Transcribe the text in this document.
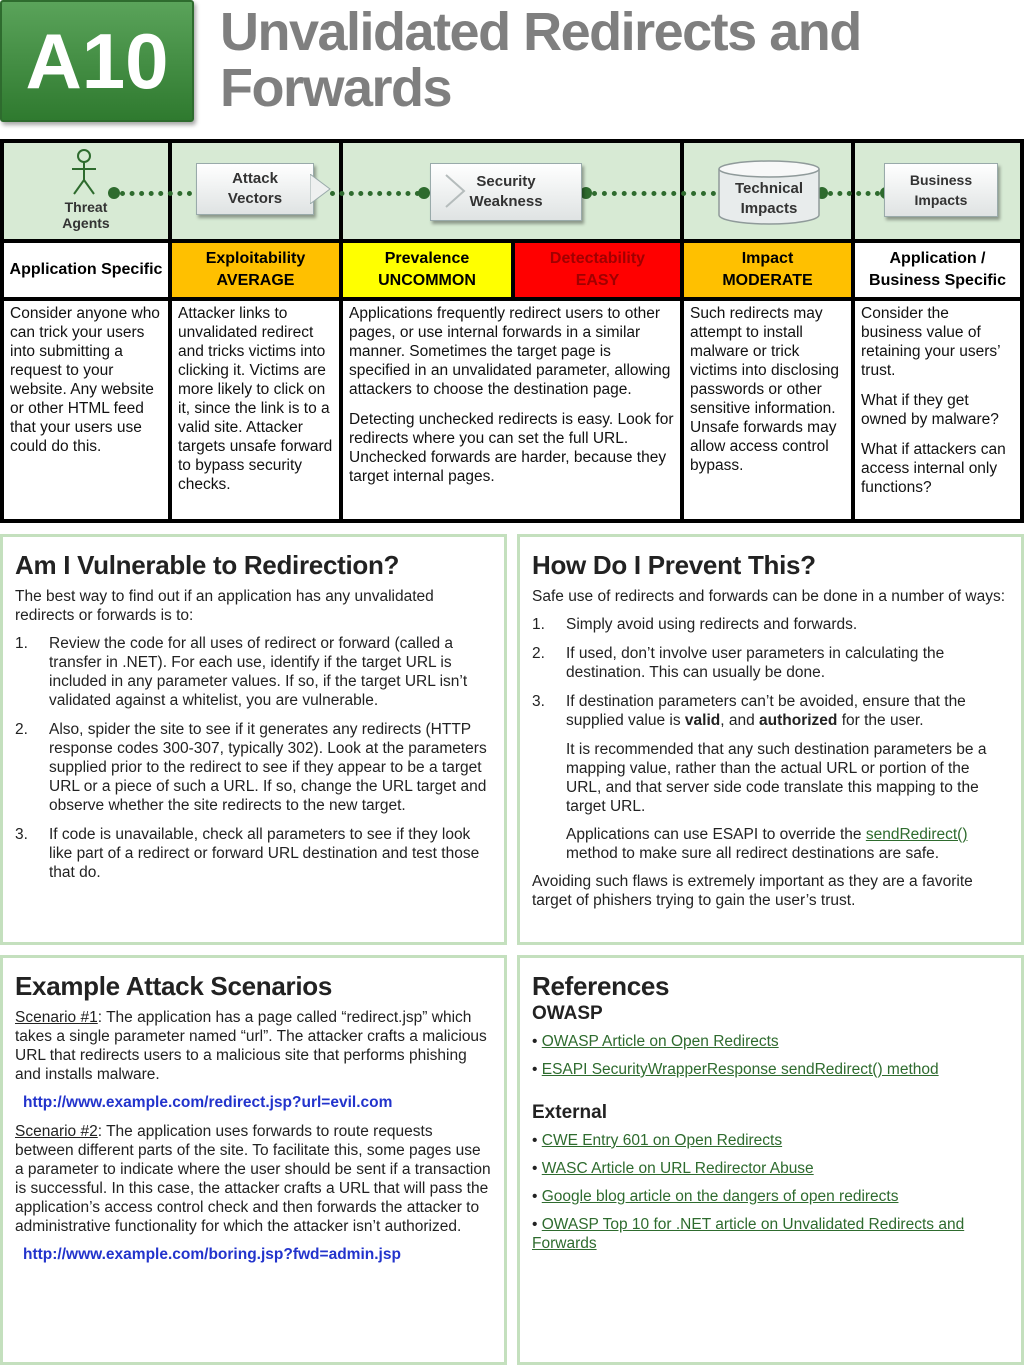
A10 Unvalidated Redirects and
Forwards
Threat
Agents
Attack
Vectors
Security
Weakness
Technical
Impacts
Business
Impacts
Application Specific
Exploitability
AVERAGE
Prevalence
UNCOMMON
Detectability
EASY
Impact
MODERATE
Application /
Business Specific

Consider anyone who can trick your users into submitting a request to your website. Any website or other HTML feed that your users use could do this.

Attacker links to unvalidated redirect and tricks victims into clicking it. Victims are more likely to click on it, since the link is to a valid site. Attacker targets unsafe forward to bypass security checks.

Applications frequently redirect users to other pages, or use internal forwards in a similar manner. Sometimes the target page is specified in an unvalidated parameter, allowing attackers to choose the destination page.

Detecting unchecked redirects is easy. Look for redirects where you can set the full URL. Unchecked forwards are harder, because they target internal pages.

Such redirects may attempt to install malware or trick victims into disclosing passwords or other sensitive information. Unsafe forwards may allow access control bypass.

Consider the business value of retaining your users’ trust.

What if they get owned by malware?

What if attackers can access internal only functions?

Am I Vulnerable to Redirection?

The best way to find out if an application has any unvalidated redirects or forwards is to:

1. Review the code for all uses of redirect or forward (called a transfer in .NET). For each use, identify if the target URL is included in any parameter values. If so, if the target URL isn’t validated against a whitelist, you are vulnerable.
2. Also, spider the site to see if it generates any redirects (HTTP response codes 300-307, typically 302). Look at the parameters supplied prior to the redirect to see if they appear to be a target URL or a piece of such a URL. If so, change the URL target and observe whether the site redirects to the new target.
3. If code is unavailable, check all parameters to see if they look like part of a redirect or forward URL destination and test those that do.
How Do I Prevent This?

Safe use of redirects and forwards can be done in a number of ways:

1. Simply avoid using redirects and forwards.
2. If used, don’t involve user parameters in calculating the destination. This can usually be done.
3. If destination parameters can’t be avoided, ensure that the supplied value is valid, and authorized for the user.

It is recommended that any such destination parameters be a mapping value, rather than the actual URL or portion of the URL, and that server side code translate this mapping to the target URL.

Applications can use ESAPI to override the sendRedirect() method to make sure all redirect destinations are safe.

Avoiding such flaws is extremely important as they are a favorite target of phishers trying to gain the user’s trust.

Example Attack Scenarios

Scenario #1: The application has a page called “redirect.jsp” which takes a single parameter named “url”. The attacker crafts a malicious URL that redirects users to a malicious site that performs phishing and installs malware.

http://www.example.com/redirect.jsp?url=evil.com

Scenario #2: The application uses forwards to route requests between different parts of the site. To facilitate this, some pages use a parameter to indicate where the user should be sent if a transaction is successful. In this case, the attacker crafts a URL that will pass the application’s access control check and then forwards the attacker to administrative functionality for which the attacker isn’t authorized.

http://www.example.com/boring.jsp?fwd=admin.jsp

References
OWASP

• OWASP Article on Open Redirects

• ESAPI SecurityWrapperResponse sendRedirect() method

External

• CWE Entry 601 on Open Redirects

• WASC Article on URL Redirector Abuse

• Google blog article on the dangers of open redirects

• OWASP Top 10 for .NET article on Unvalidated Redirects and Forwards
